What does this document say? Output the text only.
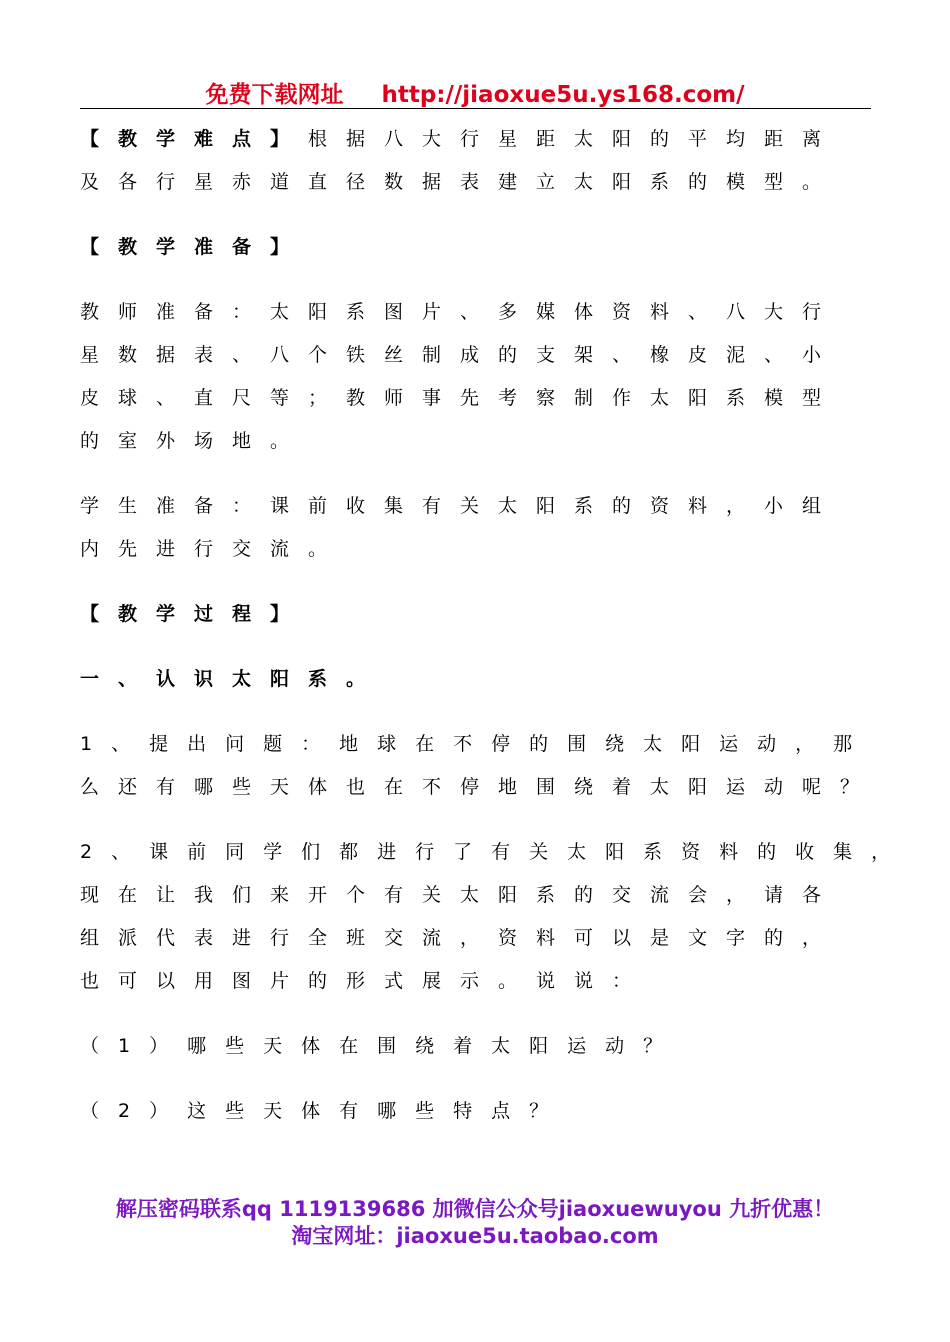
免费下载网址 http://jiaoxue5u.ys168.com/
【教学难点】根据八大行星距太阳的平均距离
及各行星赤道直径数据表建立太阳系的模型。
【教学准备】
教师准备：太阳系图片、多媒体资料、八大行
星数据表、八个铁丝制成的支架、橡皮泥、小
皮球、直尺等；教师事先考察制作太阳系模型
的室外场地。
学生准备：课前收集有关太阳系的资料，小组
内先进行交流。
【教学过程】
一、认识太阳系。
1、提出问题：地球在不停的围绕太阳运动，那
么还有哪些天体也在不停地围绕着太阳运动呢？
2、课前同学们都进行了有关太阳系资料的收集，
现在让我们来开个有关太阳系的交流会，请各
组派代表进行全班交流，资料可以是文字的，
也可以用图片的形式展示。说说：
（1）哪些天体在围绕着太阳运动？
（2）这些天体有哪些特点？
解压密码联系qq 1119139686 加微信公众号jiaoxuewuyou 九折优惠！
淘宝网址：jiaoxue5u.taobao.com
